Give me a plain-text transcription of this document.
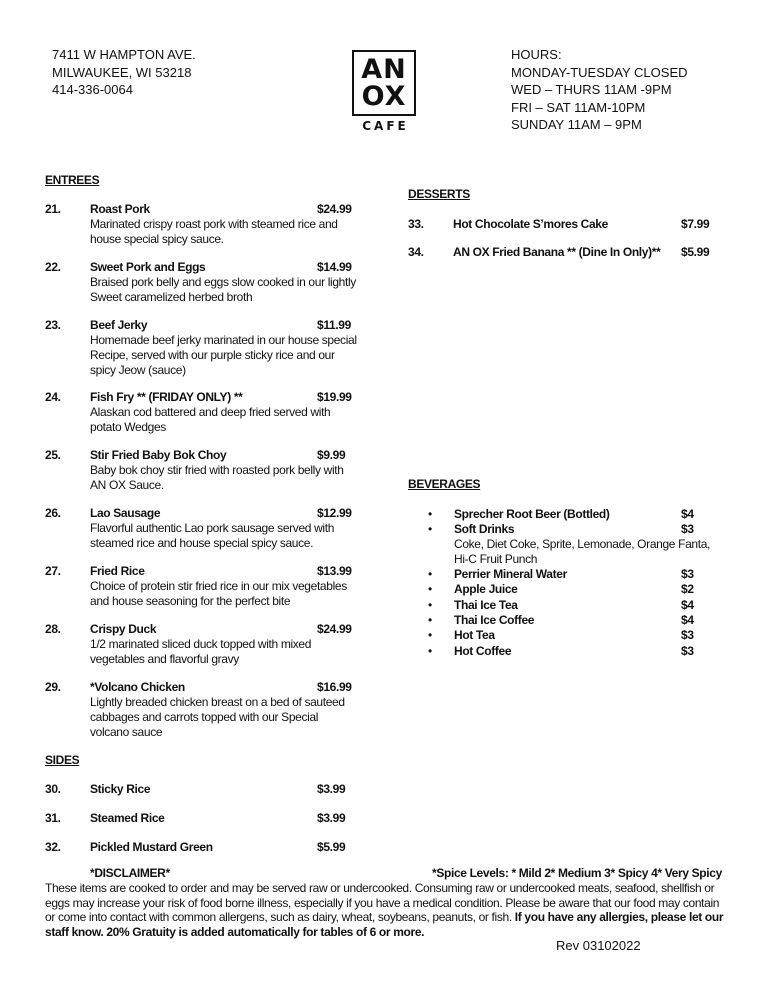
7411 W HAMPTON AVE.
MILWAUKEE, WI 53218
414-336-0064
AN
OX
CAFE
HOURS:
MONDAY-TUESDAY CLOSED
WED – THURS 11AM -9PM
FRI – SAT 11AM-10PM
SUNDAY 11AM – 9PM
ENTREES
21. Roast Pork	$24.99
Marinated crispy roast pork with steamed rice and house special spicy sauce.
22. Sweet Pork and Eggs	$14.99
Braised pork belly and eggs slow cooked in our lightly Sweet caramelized herbed broth
23. Beef Jerky	$11.99
Homemade beef jerky marinated in our house special Recipe, served with our purple sticky rice and our spicy Jeow (sauce)
24. Fish Fry ** (FRIDAY ONLY) **	$19.99
Alaskan cod battered and deep fried served with potato Wedges
25. Stir Fried Baby Bok Choy	$9.99
Baby bok choy stir fried with roasted pork belly with AN OX Sauce.
26. Lao Sausage	$12.99
Flavorful authentic Lao pork sausage served with steamed rice and house special spicy sauce.
27. Fried Rice	$13.99
Choice of protein stir fried rice in our mix vegetables and house seasoning for the perfect bite
28. Crispy Duck	$24.99
1/2 marinated sliced duck topped with mixed vegetables and flavorful gravy
29. *Volcano Chicken	$16.99
Lightly breaded chicken breast on a bed of sauteed cabbages and carrots topped with our Special volcano sauce
SIDES
30. Sticky Rice	$3.99
31. Steamed Rice	$3.99
32. Pickled Mustard Green	$5.99
DESSERTS
33. Hot Chocolate S’mores Cake	$7.99
34. AN OX Fried Banana ** (Dine In Only)** $5.99
BEVERAGES
• Sprecher Root Beer (Bottled)	$4
• Soft Drinks	$3
Coke, Diet Coke, Sprite, Lemonade, Orange Fanta, Hi-C Fruit Punch
• Perrier Mineral Water	$3
• Apple Juice	$2
• Thai Ice Tea	$4
• Thai Ice Coffee	$4
• Hot Tea	$3
• Hot Coffee	$3
*DISCLAIMER*	*Spice Levels: * Mild 2* Medium 3* Spicy 4* Very Spicy
These items are cooked to order and may be served raw or undercooked. Consuming raw or undercooked meats, seafood, shellfish or eggs may increase your risk of food borne illness, especially if you have a medical condition. Please be aware that our food may contain or come into contact with common allergens, such as dairy, wheat, soybeans, peanuts, or fish. If you have any allergies, please let our staff know. 20% Gratuity is added automatically for tables of 6 or more.
Rev 03102022
